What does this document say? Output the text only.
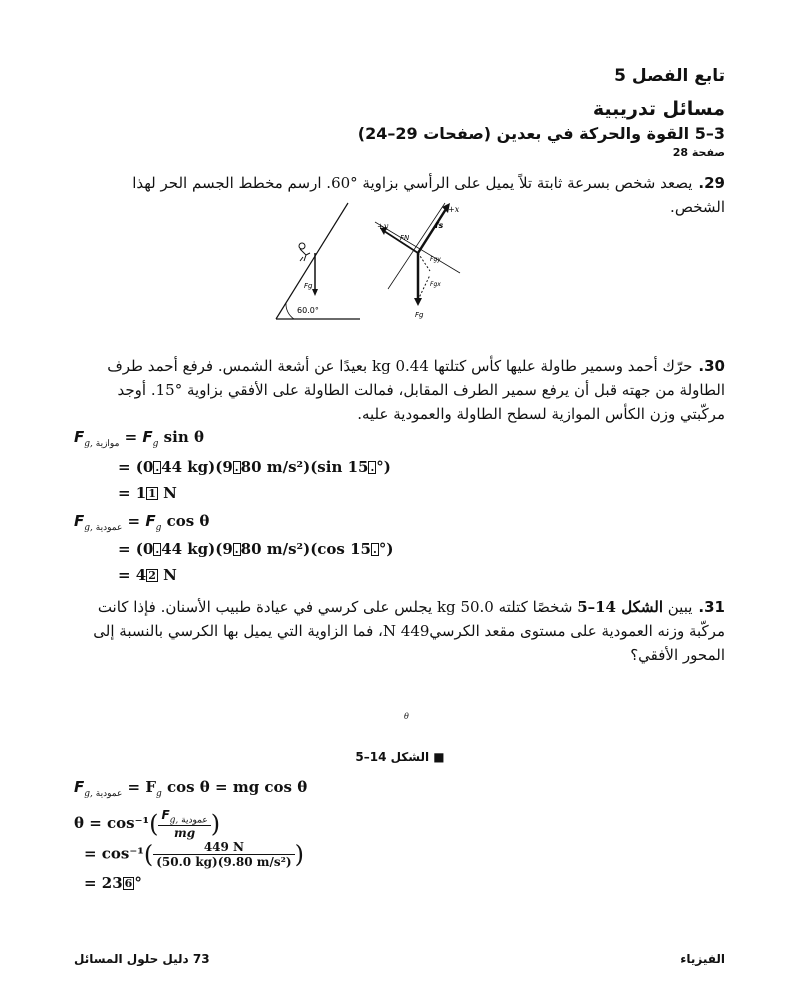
تابع الفصل 5
مسائل تدريبية
3–5 القوة والحركة في بعدين (صفحات 29–24)
صفحة 28
29.يصعد شخص بسرعة ثابتة تلاً يميل على الرأسي بزاوية °60. ارسم مخطط الجسم الحر لهذا الشخص.
60.0°
Fg
+x
+y	fs
FN
Fgy
Fgx
Fg
30.حرّك أحمد وسمير طاولة عليها كأس كتلتها 0.44 kg بعيدًا عن أشعة الشمس. فرفع أحمد طرف الطاولة من جهته قبل أن يرفع سمير الطرف المقابل، فمالت الطاولة على الأفقي بزاوية °15. أوجد مركّبتي وزن الكأس الموازية لسطح الطاولة والعمودية عليه.
$F_{g, موازية} = F_g$ sin θ
= (0 . 44 kg)(9 . 80 m/s²)(sin 15 . °)
= 1 1 N
$F_{g, عمودية} = F_g$ cos θ
= (0 . 44 kg)(9 . 80 m/s²)(cos 15 . °)
= 4 2 N
31.يبين الشكل 14–5 شخصًا كتلته 50.0 kg يجلس على كرسي في عيادة طبيب الأسنان. فإذا كانت مركّبة وزنه العمودية على مستوى مقعد الكرسي449 N، فما الزاوية التي يميل بها الكرسي بالنسبة إلى المحور الأفقي؟
θ
■ الشكل 14–5
$F_{g, عمودية} = F_g$ cos θ = mg cos θ
$\theta = \cos^{-1}( \frac{F_{g, عمودية}}{mg}$ )
= $\cos^{-1}( \frac{449 N}{\text{(50.0 kg)(9.80 m/s²)}}$ )
= 23 6 °
73 دليل حلول المسائل	الفيزياء
